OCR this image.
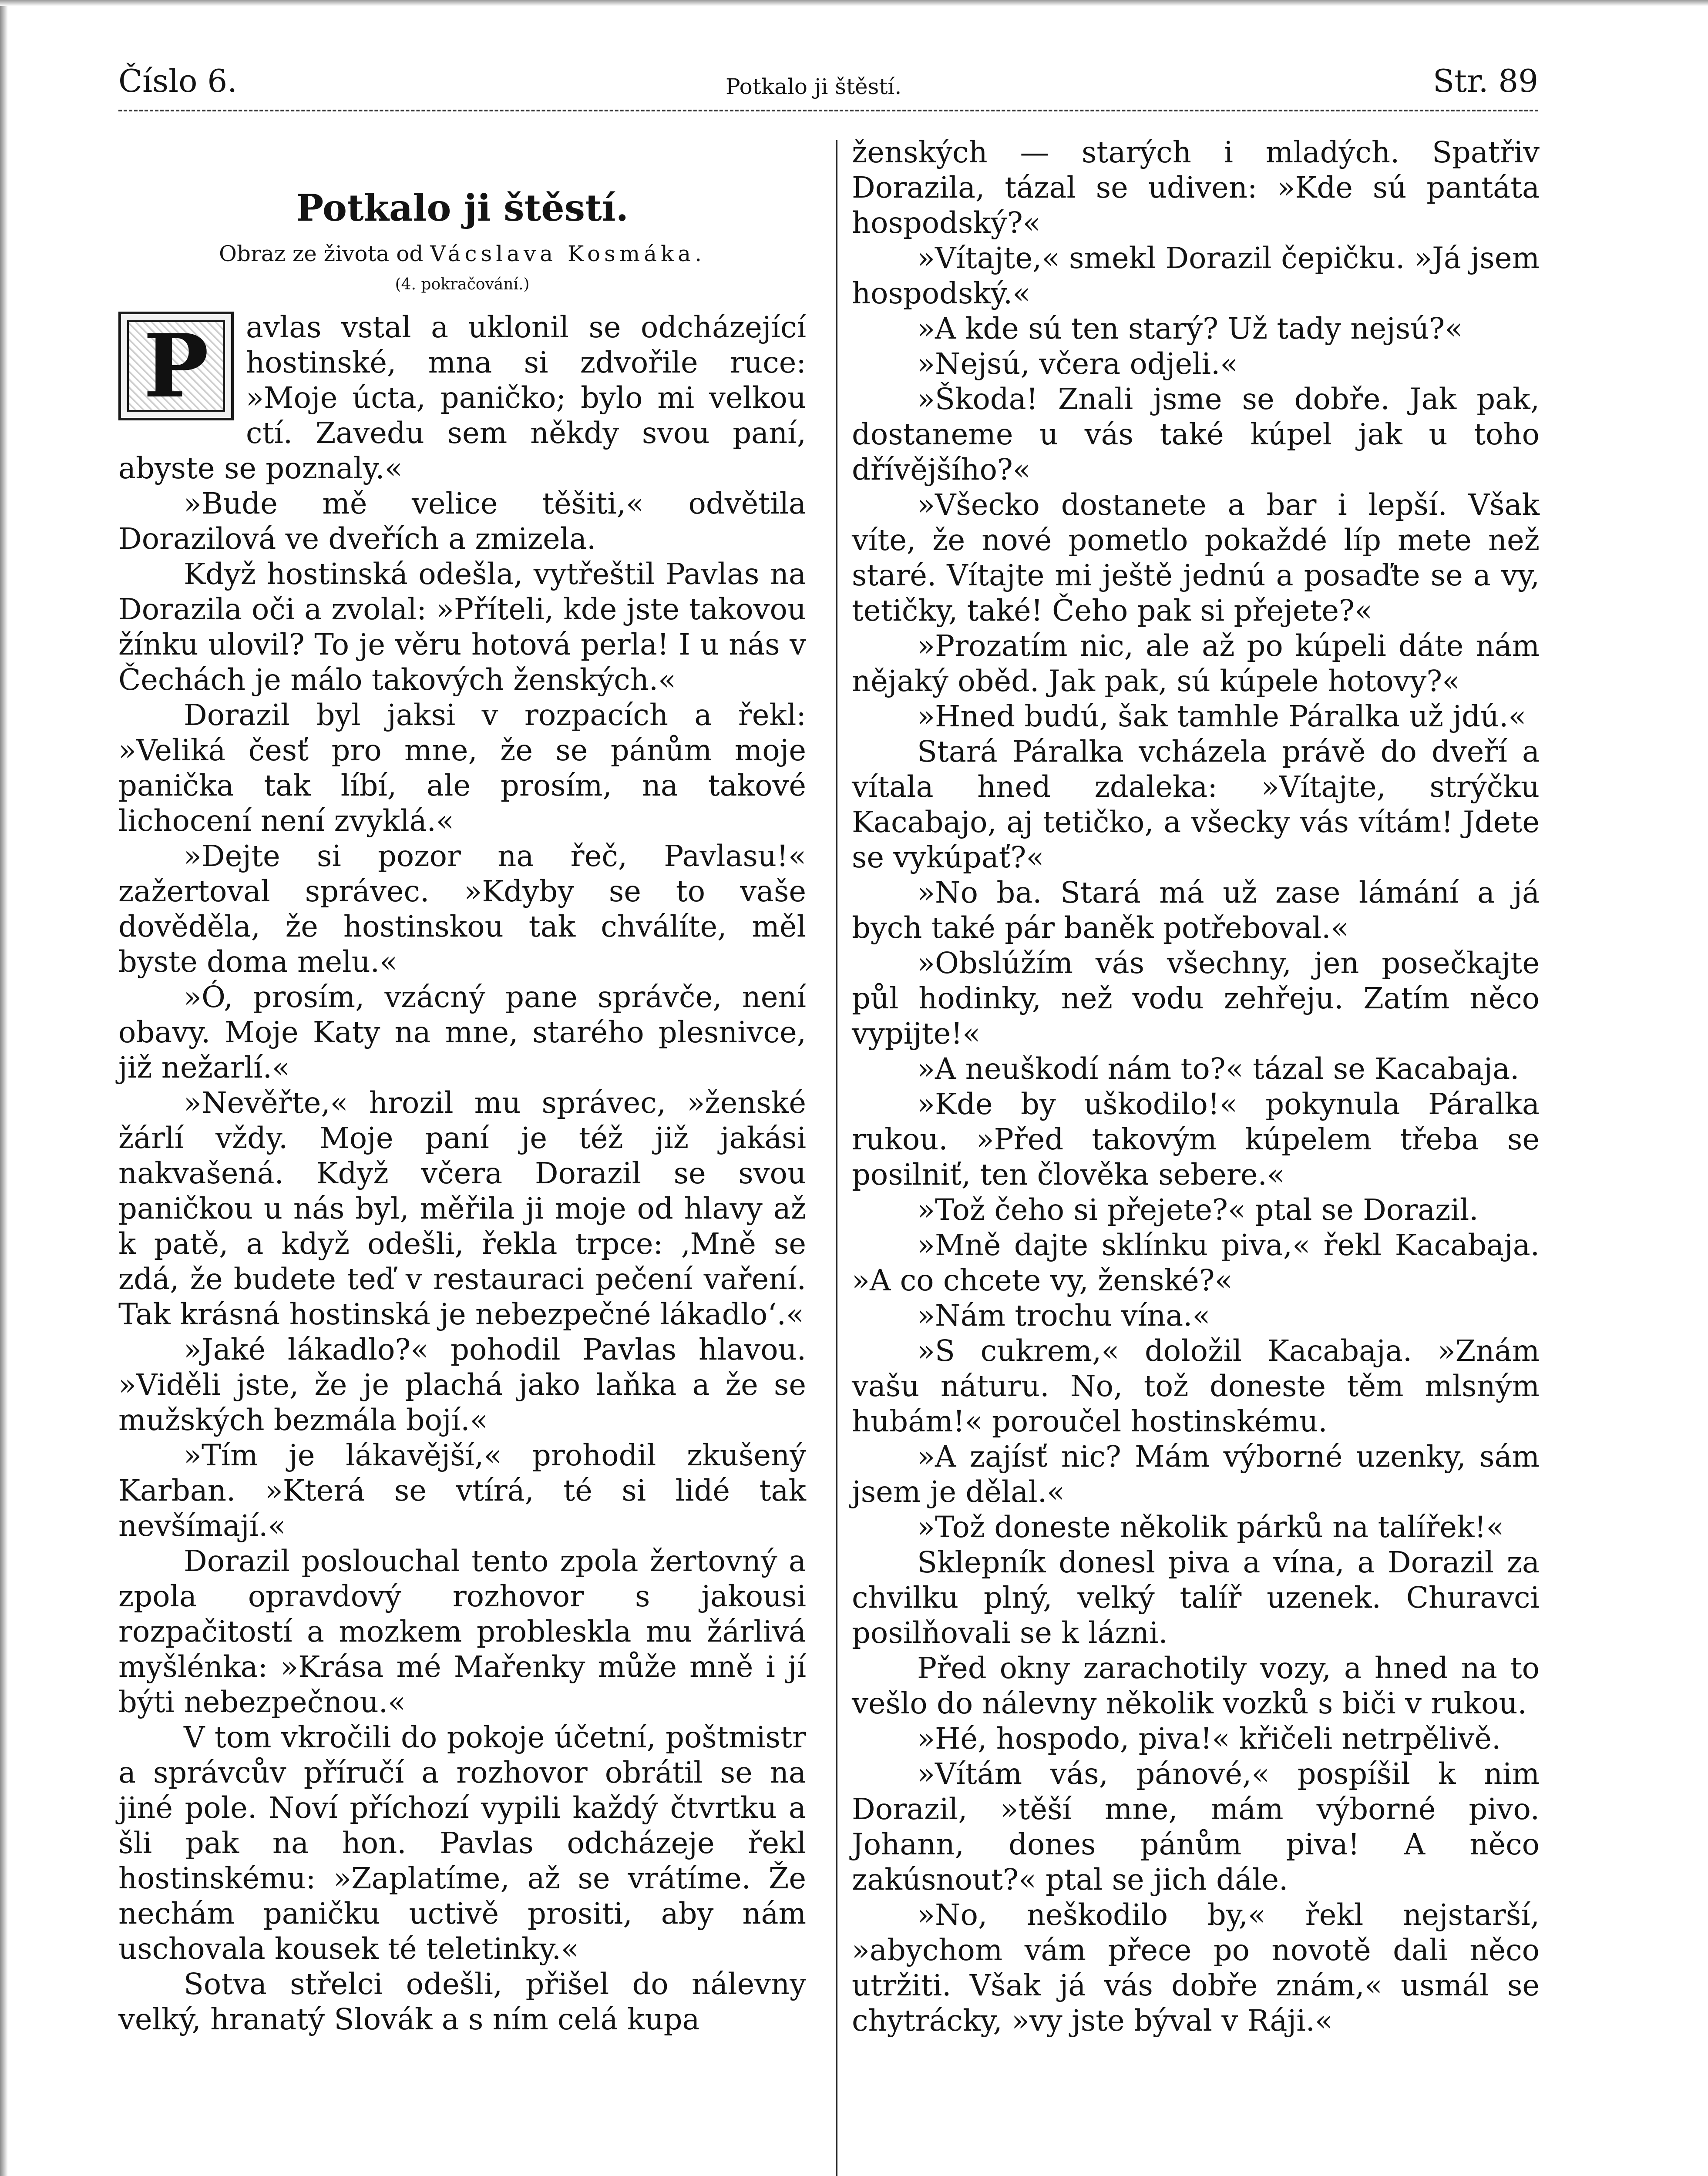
Číslo 6.	Potkalo ji štěstí.	Str. 89
Potkalo ji štěstí.
Obraz ze života od Vácslava Kosmáka.
(4. pokračování.)

P	avlas vstal a uklonil se odcházející hostinské, mna si zdvořile ruce: »Moje úcta, paničko; bylo mi velkou ctí. Zavedu sem někdy svou paní, abyste se poznaly.«

»Bude mě velice těšiti,« odvětila Dorazilová ve dveřích a zmizela.

Když hostinská odešla, vytřeštil Pavlas na Dorazila oči a zvolal: »Příteli, kde jste takovou žínku ulovil? To je věru hotová perla! I u nás v Čechách je málo takových ženských.«

Dorazil byl jaksi v rozpacích a řekl: »Veliká česť pro mne, že se pánům moje panička tak líbí, ale prosím, na takové lichocení není zvyklá.«

»Dejte si pozor na řeč, Pavlasu!« zažertoval správec. »Kdyby se to vaše dověděla, že hostinskou tak chválíte, měl byste doma melu.«

»Ó, prosím, vzácný pane správče, není obavy. Moje Katy na mne, starého plesnivce, již nežarlí.«

»Nevěřte,« hrozil mu správec, »ženské žárlí vždy. Moje paní je též již jakási nakvašená. Když včera Dorazil se svou paničkou u nás byl, měřila ji moje od hlavy až k patě, a když odešli, řekla trpce: ‚Mně se zdá, že budete teď v restauraci pečení vaření. Tak krásná hostinská je nebezpečné lákadlo‘.«

»Jaké lákadlo?« pohodil Pavlas hlavou. »Viděli jste, že je plachá jako laňka a že se mužských bezmála bojí.«

»Tím je lákavější,« prohodil zkušený Karban. »Která se vtírá, té si lidé tak nevšímají.«

Dorazil poslouchal tento zpola žertovný a zpola opravdový rozhovor s jakousi rozpačitostí a mozkem probleskla mu žárlivá myšlénka: »Krása mé Mařenky může mně i jí býti nebezpečnou.«

V tom vkročili do pokoje účetní, poštmistr a správcův příručí a rozhovor obrátil se na jiné pole. Noví příchozí vypili každý čtvrtku a šli pak na hon. Pavlas odcházeje řekl hostinskému: »Zaplatíme, až se vrátíme. Že nechám paničku uctivě prositi, aby nám uschovala kousek té teletinky.«

Sotva střelci odešli, přišel do nálevny velký, hranatý Slovák a s ním celá kupa

ženských — starých i mladých. Spatřiv Dorazila, tázal se udiven: »Kde sú pantáta hospodský?«

»Vítajte,« smekl Dorazil čepičku. »Já jsem hospodský.«

»A kde sú ten starý? Už tady nejsú?«

»Nejsú, včera odjeli.«

»Škoda! Znali jsme se dobře. Jak pak, dostaneme u vás také kúpel jak u toho dřívějšího?«

»Všecko dostanete a bar i lepší. Však víte, že nové pometlo pokaždé líp mete než staré. Vítajte mi ještě jednú a posaďte se a vy, tetičky, také! Čeho pak si přejete?«

»Prozatím nic, ale až po kúpeli dáte nám nějaký oběd. Jak pak, sú kúpele hotovy?«

»Hned budú, šak tamhle Páralka už jdú.«

Stará Páralka vcházela právě do dveří a vítala hned zdaleka: »Vítajte, strýčku Kacabajo, aj tetičko, a všecky vás vítám! Jdete se vykúpať?«

»No ba. Stará má už zase lámání a já bych také pár baněk potřeboval.«

»Obslúžím vás všechny, jen posečkajte půl hodinky, než vodu zehřeju. Zatím něco vypijte!«

»A neuškodí nám to?« tázal se Kacabaja.

»Kde by uškodilo!« pokynula Páralka rukou. »Před takovým kúpelem třeba se posilniť, ten člověka sebere.«

»Tož čeho si přejete?« ptal se Dorazil.

»Mně dajte sklínku piva,« řekl Kacabaja. »A co chcete vy, ženské?«

»Nám trochu vína.«

»S cukrem,« doložil Kacabaja. »Znám vašu náturu. No, tož doneste těm mlsným hubám!« poroučel hostinskému.

»A zajísť nic? Mám výborné uzenky, sám jsem je dělal.«

»Tož doneste několik párků na talířek!«

Sklepník donesl piva a vína, a Dorazil za chvilku plný, velký talíř uzenek. Churavci posilňovali se k lázni.

Před okny zarachotily vozy, a hned na to vešlo do nálevny několik vozků s biči v rukou.

»Hé, hospodo, piva!« křičeli netrpělivě.

»Vítám vás, pánové,« pospíšil k nim Dorazil, »těší mne, mám výborné pivo. Johann, dones pánům piva! A něco zakúsnout?« ptal se jich dále.

»No, neškodilo by,« řekl nejstarší, »abychom vám přece po novotě dali něco utržiti. Však já vás dobře znám,« usmál se chytrácky, »vy jste býval v Ráji.«
